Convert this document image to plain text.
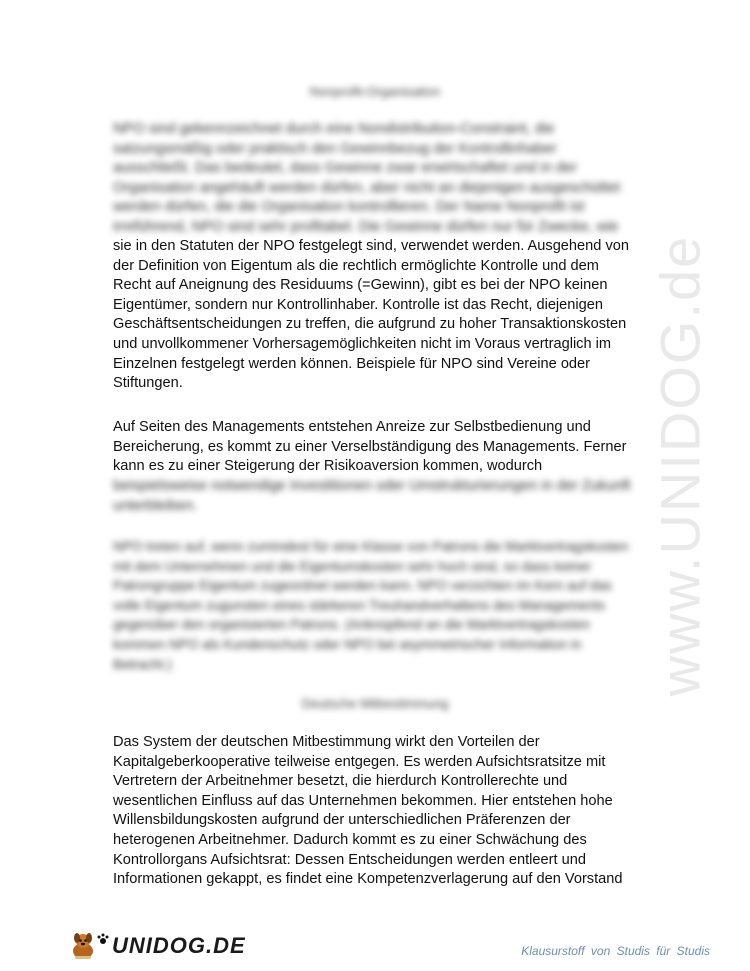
www.UNIDOG.de
Nonprofit-Organisation

NPO sind gekennzeichnet durch eine Nondistribution-Constraint, die satzungsmäßig oder praktisch den Gewinnbezug der Kontrollinhaber ausschließt. Das bedeutet, dass Gewinne zwar erwirtschaftet und in der Organisation angehäuft werden dürfen, aber nicht an diejenigen ausgeschüttet werden dürfen, die die Organisation kontrollieren. Der Name Nonprofit ist irreführend, NPO sind sehr profitabel. Die Gewinne dürfen nur für Zwecke, wie

sie in den Statuten der NPO festgelegt sind, verwendet werden. Ausgehend von der Definition von Eigentum als die rechtlich ermöglichte Kontrolle und dem Recht auf Aneignung des Residuums (=Gewinn), gibt es bei der NPO keinen Eigentümer, sondern nur Kontrollinhaber. Kontrolle ist das Recht, diejenigen Geschäftsentscheidungen zu treffen, die aufgrund zu hoher Transaktionskosten und unvollkommener Vorhersagemöglichkeiten nicht im Voraus vertraglich im Einzelnen festgelegt werden können. Beispiele für NPO sind Vereine oder Stiftungen.

Auf Seiten des Managements entstehen Anreize zur Selbstbedienung und Bereicherung, es kommt zu einer Verselbständigung des Managements. Ferner kann es zu einer Steigerung der Risikoaversion kommen, wodurch

beispielsweise notwendige Investitionen oder Umstrukturierungen in der Zukunft unterbleiben.

NPO treten auf, wenn zumindest für eine Klasse von Patrons die Marktvertragskosten mit dem Unternehmen und die Eigentumskosten sehr hoch sind, so dass keiner Patrongruppe Eigentum zugeordnet werden kann. NPO verzichten im Kern auf das volle Eigentum zugunsten eines stärkeren Treuhandverhaltens des Managements gegenüber den organisierten Patrons. (Anknüpfend an die Marktvertragskosten kommen NPO als Kundenschutz oder NPO bei asymmetrischer Information in Betracht.)

Deutsche Mitbestimmung

Das System der deutschen Mitbestimmung wirkt den Vorteilen der Kapitalgeberkooperative teilweise entgegen. Es werden Aufsichtsratsitze mit Vertretern der Arbeitnehmer besetzt, die hierdurch Kontrollerechte und wesentlichen Einfluss auf das Unternehmen bekommen. Hier entstehen hohe Willensbildungskosten aufgrund der unterschiedlichen Präferenzen der heterogenen Arbeitnehmer. Dadurch kommt es zu einer Schwächung des Kontrollorgans Aufsichtsrat: Dessen Entscheidungen werden entleert und Informationen gekappt, es findet eine Kompetenzverlagerung auf den Vorstand

UNIDOG.DE	Klausurstoff von Studis für Studis
